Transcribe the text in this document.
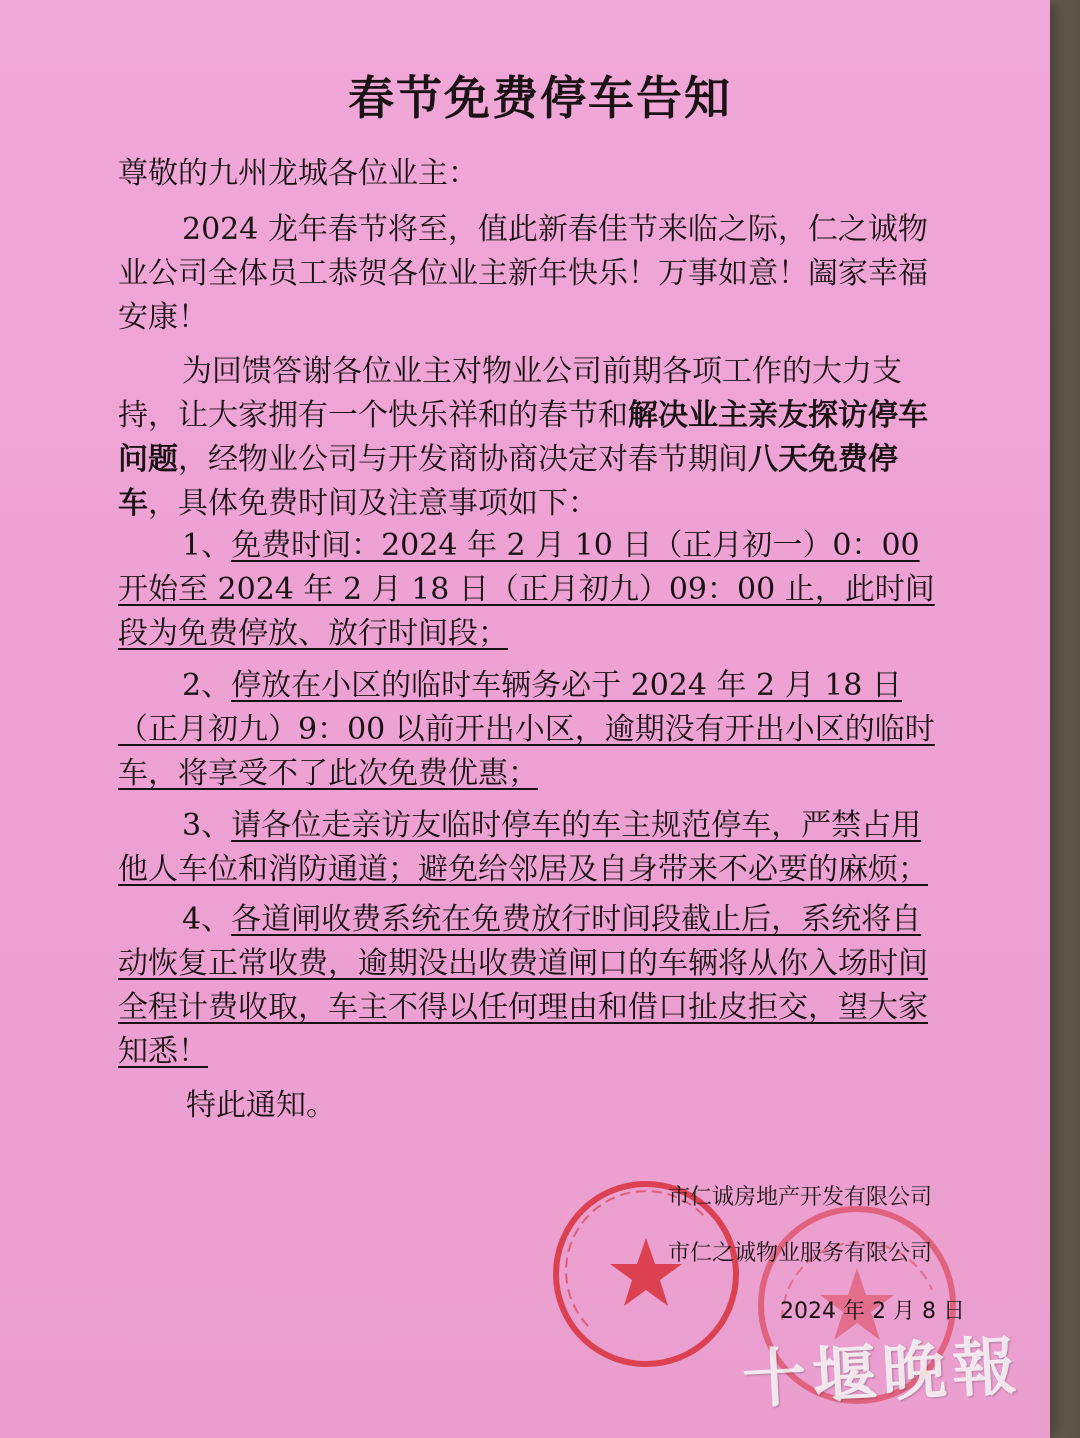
春节免费停车告知
尊敬的九州龙城各位业主：

2024 龙年春节将至，值此新春佳节来临之际，仁之诚物业公司全体员工恭贺各位业主新年快乐！万事如意！阖家幸福安康！

为回馈答谢各位业主对物业公司前期各项工作的大力支持，让大家拥有一个快乐祥和的春节和解决业主亲友探访停车问题，经物业公司与开发商协商决定对春节期间八天免费停车，具体免费时间及注意事项如下：

1、免费时间：2024 年 2 月 10 日（正月初一）0：00 开始至 2024 年 2 月 18 日（正月初九）09：00 止，此时间段为免费停放、放行时间段；

2、停放在小区的临时车辆务必于 2024 年 2 月 18 日（正月初九）9：00 以前开出小区，逾期没有开出小区的临时车，将享受不了此次免费优惠；

3、请各位走亲访友临时停车的车主规范停车，严禁占用他人车位和消防通道；避免给邻居及自身带来不必要的麻烦；

4、各道闸收费系统在免费放行时间段截止后，系统将自动恢复正常收费，逾期没出收费道闸口的车辆将从你入场时间全程计费收取，车主不得以任何理由和借口扯皮拒交，望大家知悉！

特此通知。
市仁诚房地产开发有限公司
市仁之诚物业服务有限公司
2024 年 2 月 8 日
十堰晚報
